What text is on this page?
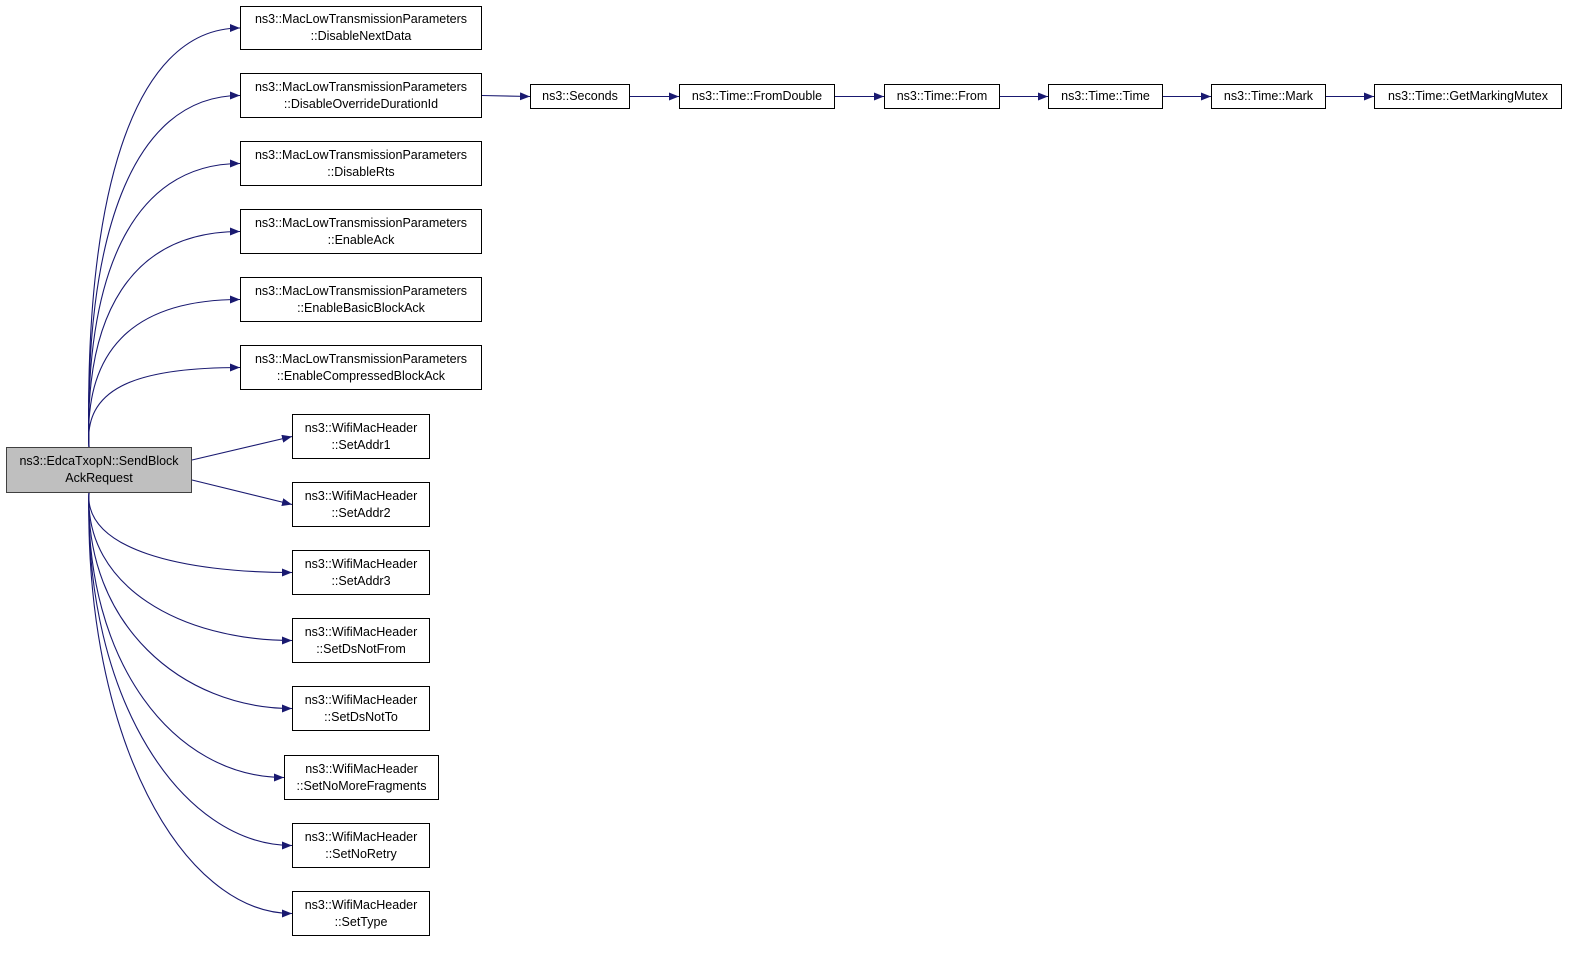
ns3::EdcaTxopN::SendBlock
AckRequest
ns3::MacLowTransmissionParameters
::DisableNextData
ns3::MacLowTransmissionParameters
::DisableOverrideDurationId
ns3::MacLowTransmissionParameters
::DisableRts
ns3::MacLowTransmissionParameters
::EnableAck
ns3::MacLowTransmissionParameters
::EnableBasicBlockAck
ns3::MacLowTransmissionParameters
::EnableCompressedBlockAck
ns3::WifiMacHeader
::SetAddr1
ns3::WifiMacHeader
::SetAddr2
ns3::WifiMacHeader
::SetAddr3
ns3::WifiMacHeader
::SetDsNotFrom
ns3::WifiMacHeader
::SetDsNotTo
ns3::WifiMacHeader
::SetNoMoreFragments
ns3::WifiMacHeader
::SetNoRetry
ns3::WifiMacHeader
::SetType
ns3::Seconds	ns3::Time::FromDouble	ns3::Time::From	ns3::Time::Time	ns3::Time::Mark	ns3::Time::GetMarkingMutex
